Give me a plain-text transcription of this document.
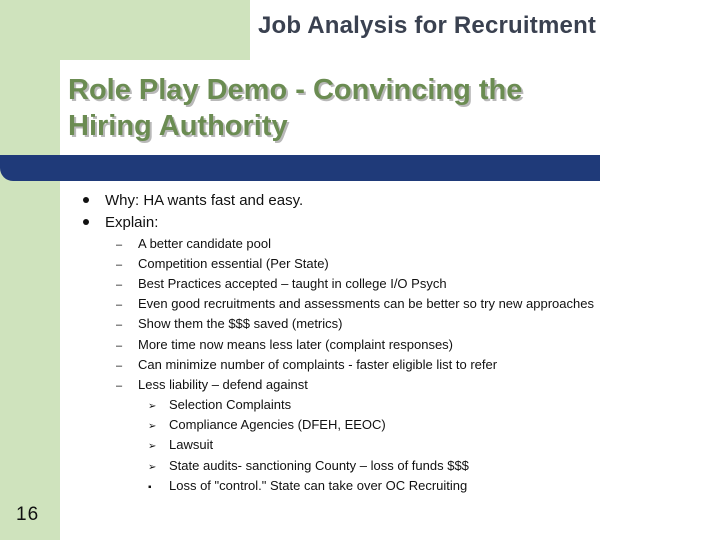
Job Analysis for Recruitment
Role Play Demo - Convincing the
Hiring Authority
Why: HA wants fast and easy.
Explain:
– A better candidate pool
– Competition essential (Per State)
– Best Practices accepted – taught in college I/O Psych
– Even good recruitments and assessments can be better so try new approaches
– Show them the $$$ saved (metrics)
– More time now means less later (complaint responses)
– Can minimize number of complaints - faster eligible list to refer
– Less liability – defend against
➢ Selection Complaints
➢ Compliance Agencies (DFEH, EEOC)
➢ Lawsuit
➢ State audits- sanctioning County – loss of funds $$$
▪ Loss of "control." State can take over OC Recruiting
16
